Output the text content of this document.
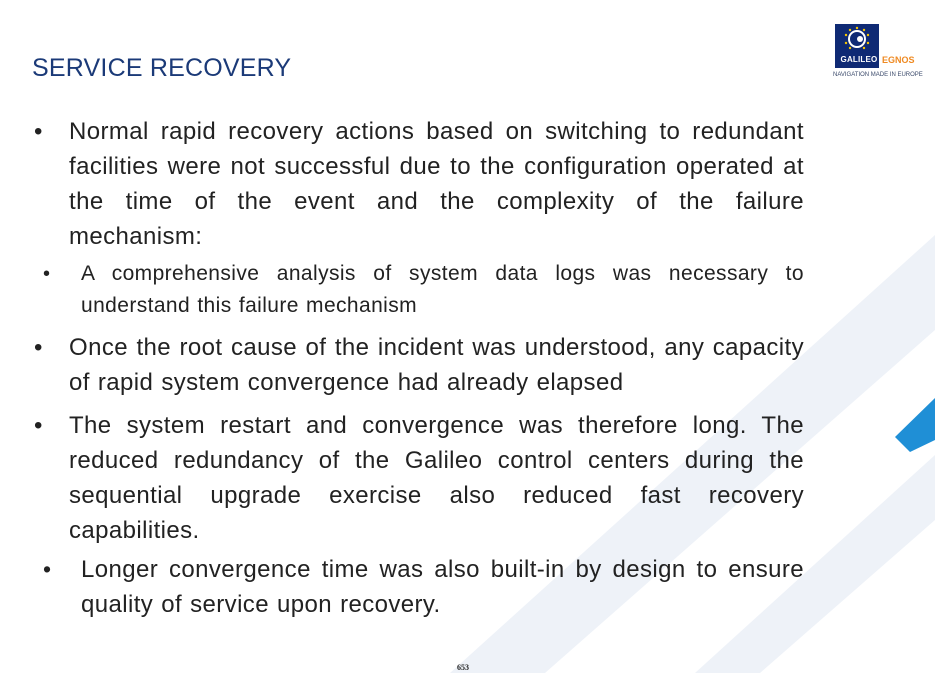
SERVICE RECOVERY	GALILEO EGNOS
NAVIGATION MADE IN EUROPE
• Normal rapid recovery actions based on switching to redundant facilities were not successful due to the configuration operated at the time of the event and the complexity of the failure mechanism:
• A comprehensive analysis of system data logs was necessary to understand this failure mechanism
• Once the root cause of the incident was understood, any capacity of rapid system convergence had already elapsed
• The system restart and convergence was therefore long. The reduced redundancy of the Galileo control centers during the sequential upgrade exercise also reduced fast recovery capabilities.
• Longer convergence time was also built-in by design to ensure quality of service upon recovery.
653
